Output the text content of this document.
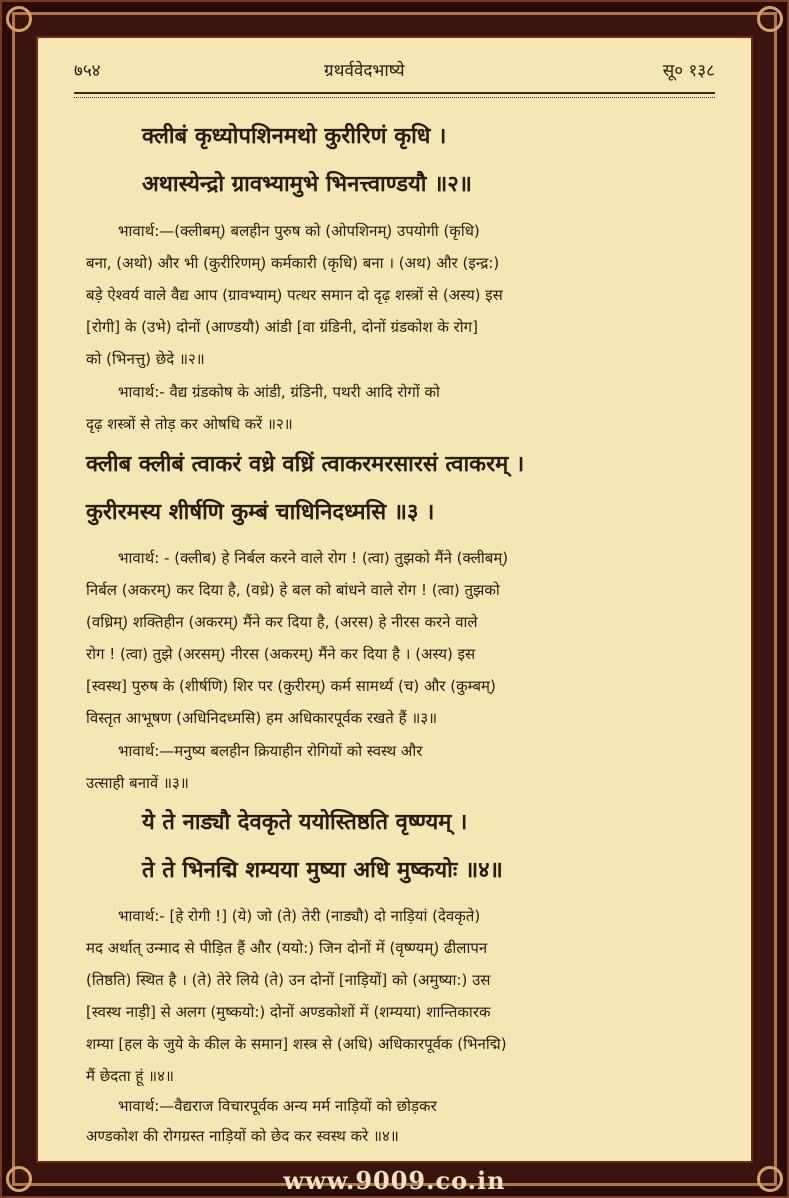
७५४	ग्रथर्ववेदभाष्ये	सू० १३८
क्लीबं कृध्योपशिनमथो कुरीरिणं कृधि ।
अथास्येन्द्रो ग्रावभ्यामुभे भिनत्त्वाण्डयौ ॥२॥
भावार्थ:—(क्लीबम्) बलहीन पुरुष को (ओपशिनम्) उपयोगी (कृधि)
बना, (अथो) और भी (कुरीरिणम्) कर्मकारी (कृधि) बना । (अथ) और (इन्द्र:)
बड़े ऐश्वर्य वाले वैद्य आप (ग्रावभ्याम्) पत्थर समान दो दृढ़ शस्त्रों से (अस्य) इस
[रोगी] के (उभे) दोनों (आण्डयौ) आंडी [वा ग्रंडिनी, दोनों ग्रंडकोश के रोग]
को (भिनत्तु) छेदे ॥२॥
भावार्थ:- वैद्य ग्रंडकोष के आंडी, ग्रंडिनी, पथरी आदि रोगों को
दृढ़ शस्त्रों से तोड़ कर ओषधि करें ॥२॥
क्लीब क्लीबं त्वाकरं वध्रे वध्रिं त्वाकरमरसारसं त्वाकरम् ।
कुरीरमस्य शीर्षणि कुम्बं चाधिनिदध्मसि ॥३ ।
भावार्थ: - (क्लीब) हे निर्बल करने वाले रोग ! (त्वा) तुझको मैंने (क्लीबम्)
निर्बल (अकरम्) कर दिया है, (वध्रे) हे बल को बांधने वाले रोग ! (त्वा) तुझको
(वध्रिम्) शक्तिहीन (अकरम्) मैंने कर दिया है, (अरस) हे नीरस करने वाले
रोग ! (त्वा) तुझे (अरसम्) नीरस (अकरम्) मैंने कर दिया है । (अस्य) इस
[स्वस्थ] पुरुष के (शीर्षणि) शिर पर (कुरीरम्) कर्म सामर्थ्य (च) और (कुम्बम्)
विस्तृत आभूषण (अधिनिदध्मसि) हम अधिकारपूर्वक रखते हैं ॥३॥
भावार्थ:—मनुष्य बलहीन क्रियाहीन रोगियों को स्वस्थ और
उत्साही बनावें ॥३॥
ये ते नाड्यौ देवकृते ययोस्तिष्ठति वृष्ण्यम् ।
ते ते भिनद्मि शम्यया मुष्या अधि मुष्कयोः ॥४॥
भावार्थ:- [हे रोगी !] (ये) जो (ते) तेरी (नाड्यौ) दो नाड़ियां (देवकृते)
मद अर्थात् उन्माद से पीड़ित हैं और (ययो:) जिन दोनों में (वृष्ण्यम्) ढीलापन
(तिष्ठति) स्थित है । (ते) तेरे लिये (ते) उन दोनों [नाड़ियों] को (अमुष्या:) उस
[स्वस्थ नाड़ी] से अलग (मुष्कयो:) दोनों अण्डकोशों में (शम्यया) शान्तिकारक
शम्या [हल के जुये के कील के समान] शस्त्र से (अधि) अधिकारपूर्वक (भिनद्मि)
मैं छेदता हूं ॥४॥
भावार्थ:—वैद्यराज विचारपूर्वक अन्य मर्म नाड़ियों को छोड़कर
अण्डकोश की रोगग्रस्त नाड़ियों को छेद कर स्वस्थ करे ॥४॥
www.9009.co.in
